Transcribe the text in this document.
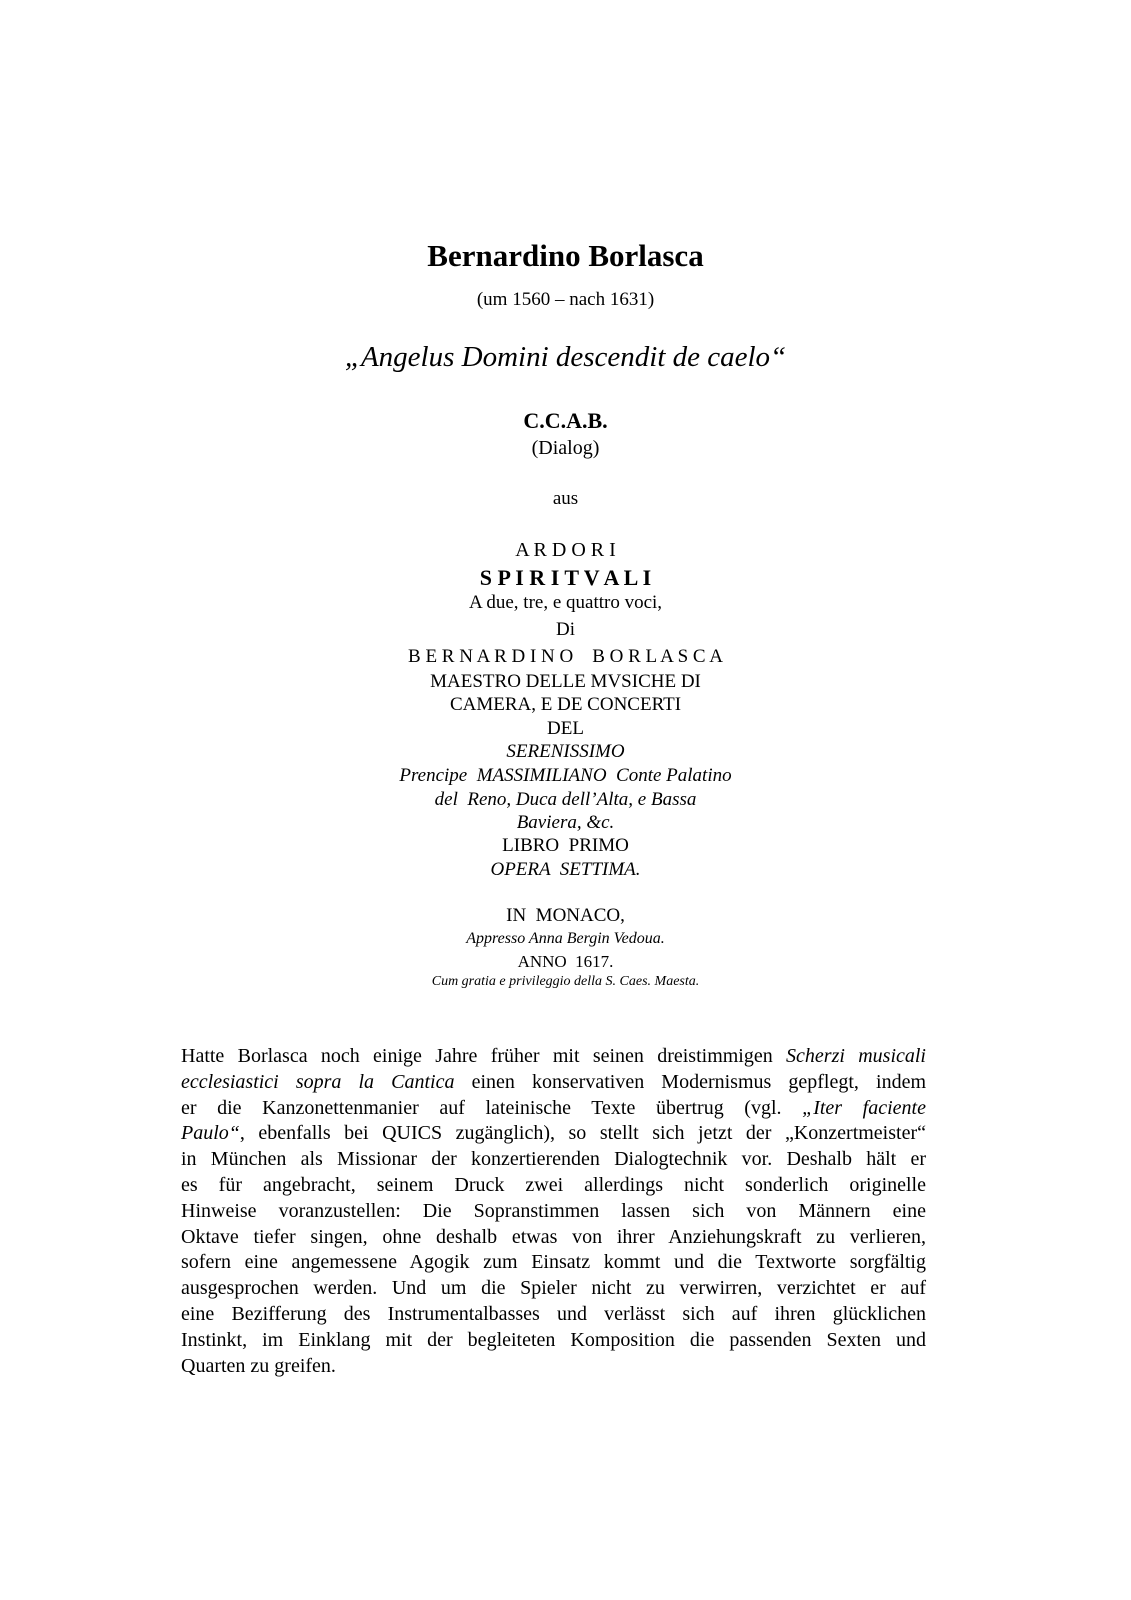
Bernardino Borlasca
(um 1560 – nach 1631)
„Angelus Domini descendit de caelo“
C.C.A.B.
(Dialog)
aus
A R D O R I
S P I R I T V A L I
A due, tre, e quattro voci,
Di
B E R N A R D I N O    B O R L A S C A
MAESTRO DELLE MVSICHE DI
CAMERA, E DE CONCERTI
DEL
SERENISSIMO
Prencipe  MASSIMILIANO  Conte Palatino
del  Reno, Duca dell’Alta, e Bassa
Baviera, &c.
LIBRO  PRIMO
OPERA  SETTIMA.
IN  MONACO,
Appresso Anna Bergin Vedoua.
ANNO  1617.
Cum gratia e privileggio della S. Caes. Maesta.
Hatte Borlasca noch einige Jahre früher mit seinen dreistimmigen Scherzi musicali
ecclesiastici sopra la Cantica einen konservativen Modernismus gepflegt, indem
er die Kanzonettenmanier auf lateinische Texte übertrug (vgl. „Iter faciente
Paulo“, ebenfalls bei QUICS zugänglich), so stellt sich jetzt der „Konzertmeister“
in München als Missionar der konzertierenden Dialogtechnik vor. Deshalb hält er
es für angebracht, seinem Druck zwei allerdings nicht sonderlich originelle
Hinweise voranzustellen: Die Sopranstimmen lassen sich von Männern eine
Oktave tiefer singen, ohne deshalb etwas von ihrer Anziehungskraft zu verlieren,
sofern eine angemessene Agogik zum Einsatz kommt und die Textworte sorgfältig
ausgesprochen werden. Und um die Spieler nicht zu verwirren, verzichtet er auf
eine Bezifferung des Instrumentalbasses und verlässt sich auf ihren glücklichen
Instinkt, im Einklang mit der begleiteten Komposition die passenden Sexten und
Quarten zu greifen.
